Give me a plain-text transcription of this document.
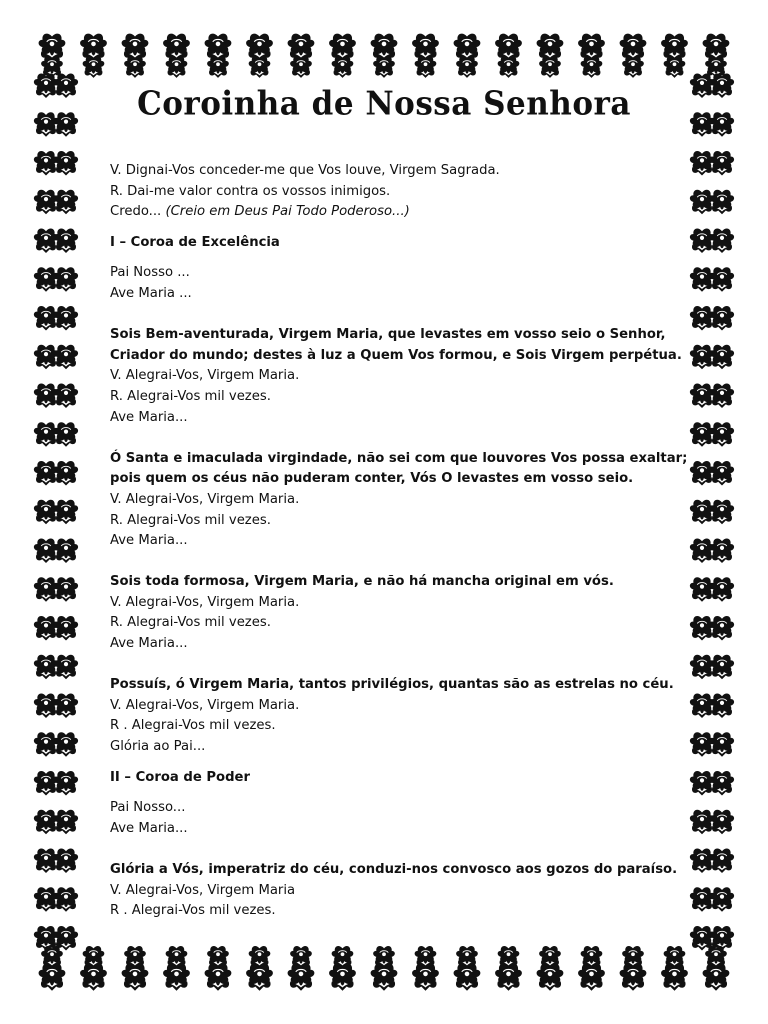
Coroinha de Nossa Senhora
V. Dignai-Vos conceder-me que Vos louve, Virgem Sagrada.
R. Dai-me valor contra os vossos inimigos.
Credo... (Creio em Deus Pai Todo Poderoso...)
I – Coroa de Excelência
Pai Nosso ...
Ave Maria ...
Sois Bem-aventurada, Virgem Maria, que levastes em vosso seio o Senhor,
Criador do mundo; destes à luz a Quem Vos formou, e Sois Virgem perpétua.
V. Alegrai-Vos, Virgem Maria.
R. Alegrai-Vos mil vezes.
Ave Maria...
Ó Santa e imaculada virgindade, não sei com que louvores Vos possa exaltar;
pois quem os céus não puderam conter, Vós O levastes em vosso seio.
V. Alegrai-Vos, Virgem Maria.
R. Alegrai-Vos mil vezes.
Ave Maria...
Sois toda formosa, Virgem Maria, e não há mancha original em vós.
V. Alegrai-Vos, Virgem Maria.
R. Alegrai-Vos mil vezes.
Ave Maria...
Possuís, ó Virgem Maria, tantos privilégios, quantas são as estrelas no céu.
V. Alegrai-Vos, Virgem Maria.
R . Alegrai-Vos mil vezes.
Glória ao Pai...
II – Coroa de Poder
Pai Nosso...
Ave Maria...
Glória a Vós, imperatriz do céu, conduzi-nos convosco aos gozos do paraíso.
V. Alegrai-Vos, Virgem Maria
R . Alegrai-Vos mil vezes.
